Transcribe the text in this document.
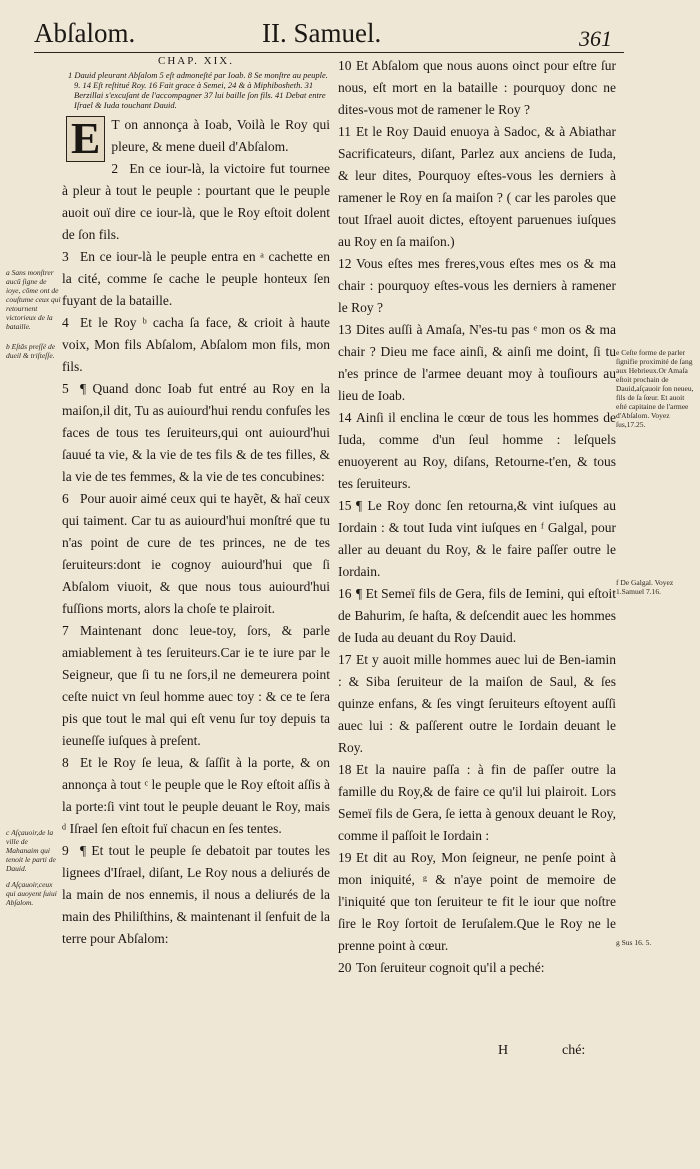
Abſalom.	II. Samuel.	361
CHAP. XIX.
1 Dauid pleurant Abſalom 5 eſt admoneſté par Ioab. 8 Se monſtre au peuple. 9. 14 Eſt reſtitué Roy. 16 Fait grace à Semei, 24 & à Miphibosheth. 31 Berzillai s'excuſant de l'accompagner 37 lui baille ſon fils. 41 Debat entre Iſrael & Iuda touchant Dauid.

E T on annonça à Ioab, Voilà le Roy qui pleure, & mene dueil d'Abſalom.

2 En ce iour-là, la victoire fut tournee à pleur à tout le peuple : pourtant que le peuple auoit ouï dire ce iour-là, que le Roy eſtoit dolent de ſon fils.

3 En ce iour-là le peuple entra en ᵃ cachette en la cité, comme ſe cache le peuple honteux ſen fuyant de la bataille.

4 Et le Roy ᵇ cacha ſa face, & crioit à haute voix, Mon fils Abſalom, Abſalom mon fils, mon fils.

5 ¶ Quand donc Ioab fut entré au Roy en la maiſon,il dit, Tu as auiourd'hui rendu confuſes les faces de tous tes ſeruiteurs,qui ont auiourd'hui ſauué ta vie, & la vie de tes fils & de tes filles, & la vie de tes femmes, & la vie de tes concubines:

6 Pour auoir aimé ceux qui te hayẽt, & haï ceux qui taiment. Car tu as auiourd'hui monſtré que tu n'as point de cure de tes princes, ne de tes ſeruiteurs:dont ie cognoy auiourd'hui que ſi Abſalom viuoit, & que nous tous auiourd'hui fuſſions morts, alors la choſe te plairoit.

7 Maintenant donc leue-toy, ſors, & parle amiablement à tes ſeruiteurs.Car ie te iure par le Seigneur, que ſi tu ne ſors,il ne demeurera point ceſte nuict vn ſeul homme auec toy : & ce te ſera pis que tout le mal qui eſt venu ſur toy depuis ta ieuneſſe iuſques à preſent.

8 Et le Roy ſe leua, & ſaſſit à la porte, & on annonça à tout ᶜ le peuple que le Roy eſtoit aſſis à la porte:ſi vint tout le peuple deuant le Roy, mais ᵈ Iſrael ſen eſtoit fuï chacun en ſes tentes.

9 ¶ Et tout le peuple ſe debatoit par toutes les lignees d'Iſrael, diſant, Le Roy nous a deliurés de la main de nos ennemis, il nous a deliurés de la main des Philiſthins, & maintenant il ſenfuit de la terre pour Abſalom:

10 Et Abſalom que nous auons oinct pour eſtre ſur nous, eſt mort en la bataille : pourquoy donc ne dites-vous mot de ramener le Roy ?

11 Et le Roy Dauid enuoya à Sadoc, & à Abiathar Sacrificateurs, diſant, Parlez aux anciens de Iuda, & leur dites, Pourquoy eſtes-vous les derniers à ramener le Roy en ſa maiſon ? ( car les paroles que tout Iſrael auoit dictes, eſtoyent paruenues iuſques au Roy en ſa maiſon.)

12 Vous eſtes mes freres,vous eſtes mes os & ma chair : pourquoy eſtes-vous les derniers à ramener le Roy ?

13 Dites auſſi à Amaſa, N'es-tu pas ᵉ mon os & ma chair ? Dieu me face ainſi, & ainſi me doint, ſi tu n'es prince de l'armee deuant moy à touſiours au lieu de Ioab.

14 Ainſi il enclina le cœur de tous les hommes de Iuda, comme d'un ſeul homme : leſquels enuoyerent au Roy, diſans, Retourne-t'en, & tous tes ſeruiteurs.

15 ¶ Le Roy donc ſen retourna,& vint iuſques au Iordain : & tout Iuda vint iuſques en ᶠ Galgal, pour aller au deuant du Roy, & le faire paſſer outre le Iordain.

16 ¶ Et Semeï fils de Gera, fils de Iemini, qui eſtoit de Bahurim, ſe haſta, & deſcendit auec les hommes de Iuda au deuant du Roy Dauid.

17 Et y auoit mille hommes auec lui de Ben-iamin : & Siba ſeruiteur de la maiſon de Saul, & ſes quinze enfans, & ſes vingt ſeruiteurs eſtoyent auſſi auec lui : & paſſerent outre le Iordain deuant le Roy.

18 Et la nauire paſſa : à fin de paſſer outre la famille du Roy,& de faire ce qu'il lui plairoit. Lors Semeï fils de Gera, ſe ietta à genoux deuant le Roy, comme il paſſoit le Iordain :

19 Et dit au Roy, Mon ſeigneur, ne penſe point à mon iniquité, ᵍ & n'aye point de memoire de l'iniquité que ton ſeruiteur te fit le iour que noſtre ſire le Roy ſortoit de Ieruſalem.Que le Roy ne le prenne point à cœur.

20 Ton ſeruiteur cognoit qu'il a peché:

a Sans monſtrer aucũ ſigne de ioye, cõme ont de couſtume ceux qui retournent victorieux de la bataille.
b Eſtãs preſſé de dueil & triſteſſe.
c Aſçauoir,de la ville de Mahanaim qui tenoit le parti de Dauid.
d Aſçauoir,ceux qui auoyent ſuiui Abſalom.
e Ceſte forme de parler ſignifie proximité de ſang aux Hebrieux.Or Amaſa eſtoit prochain de Dauid,aſçauoir ſon neueu, fils de ſa ſœur. Et auoit eſté capitaine de l'armee d'Abſalom. Voyez ſus,17.25.
f De Galgal. Voyez 1.Samuel 7.16.
g Sus 16. 5.
H	ché:
